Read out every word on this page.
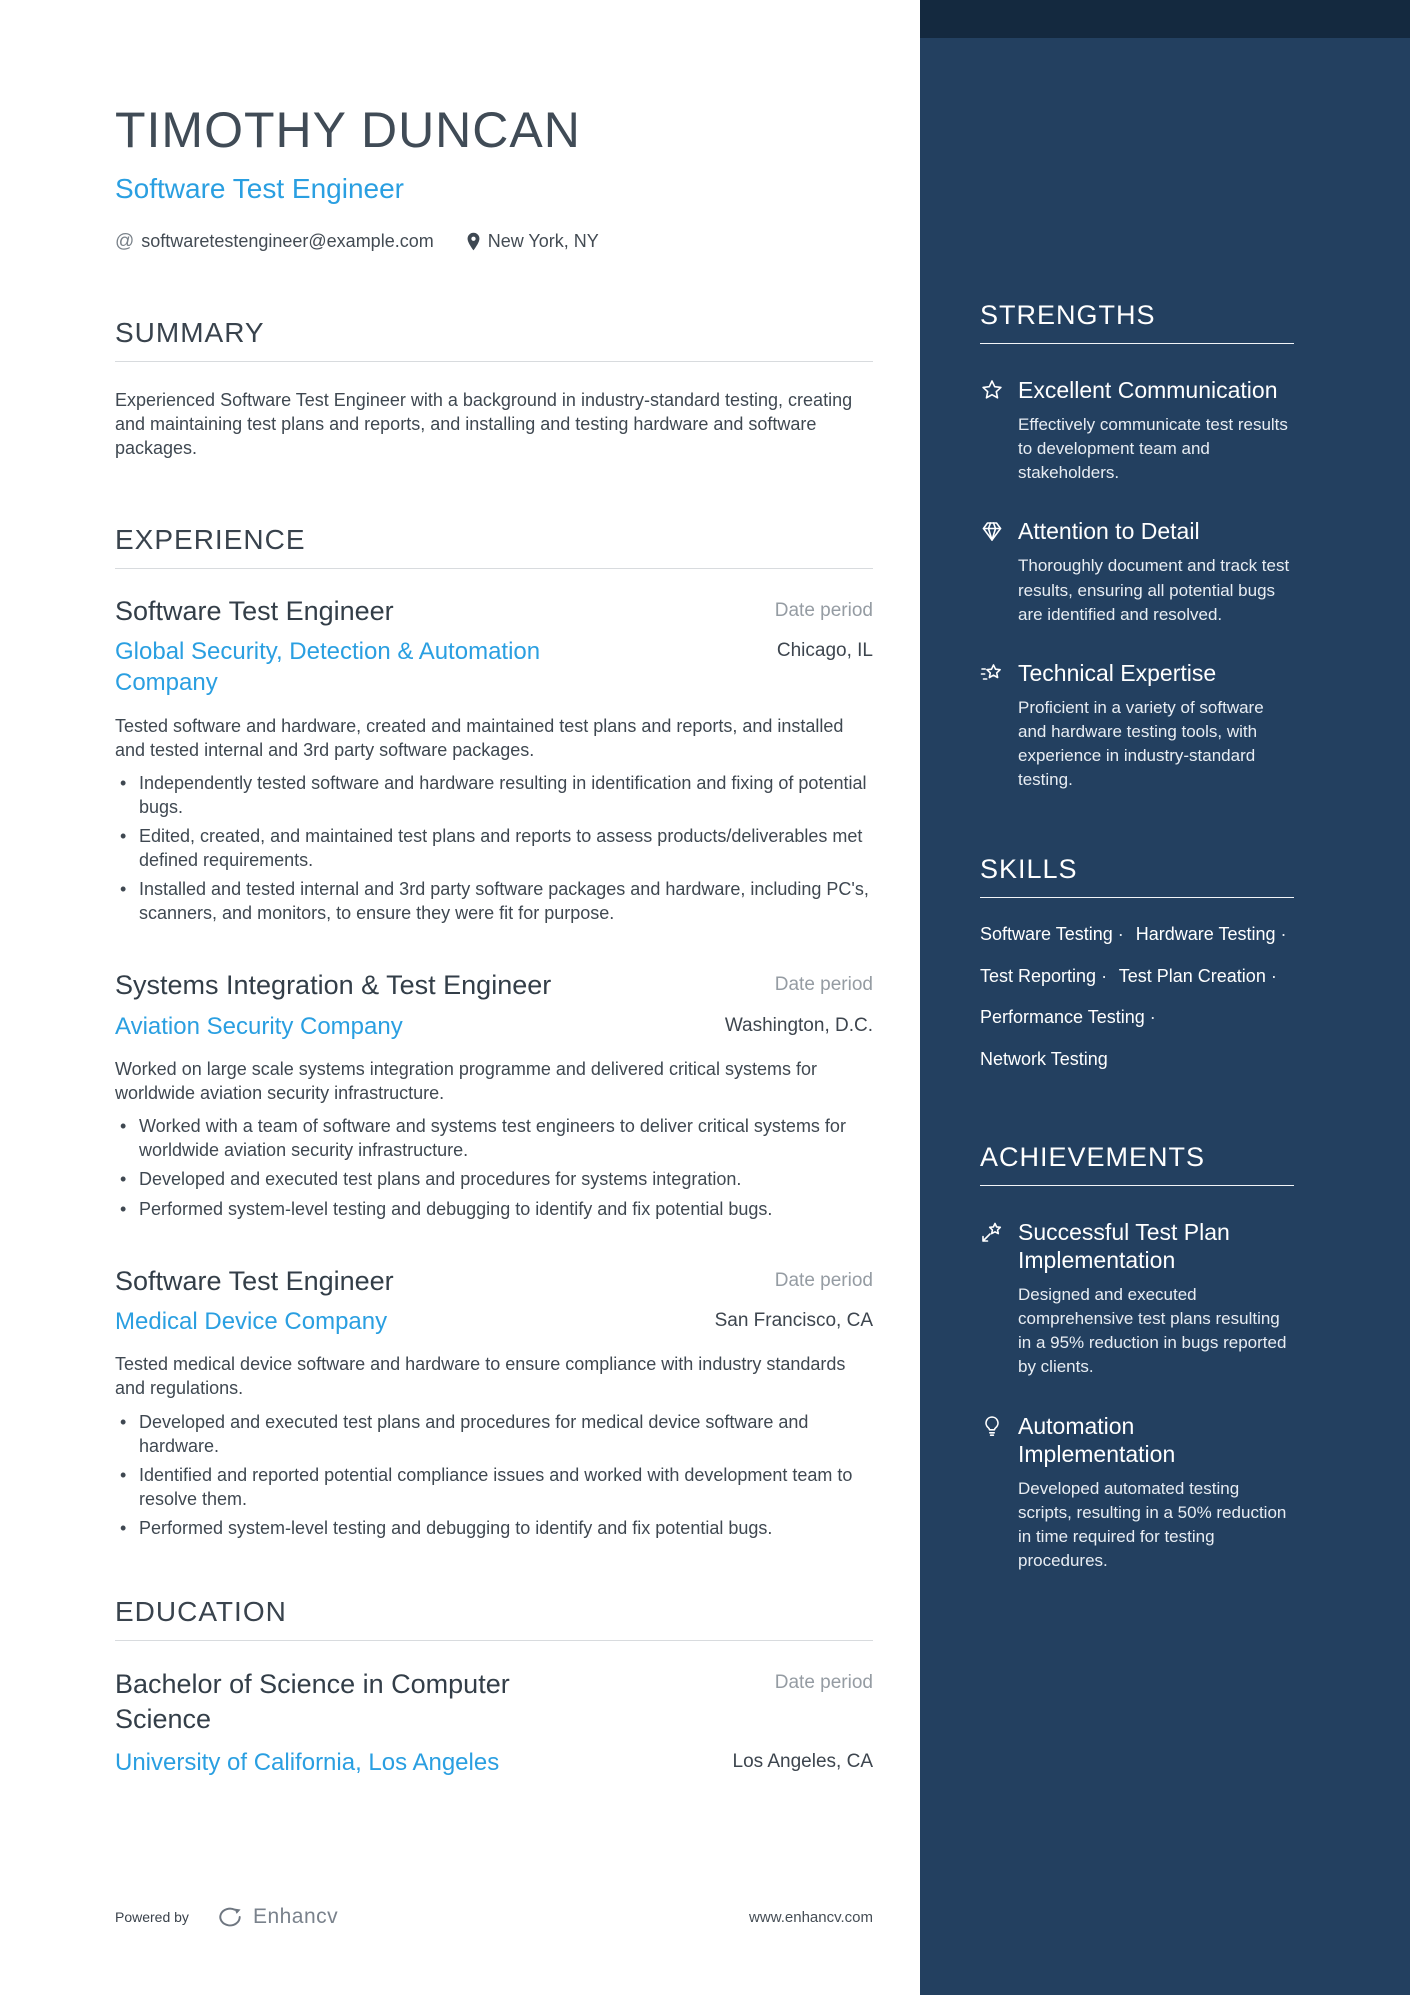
STRENGTHS
Excellent Communication

Effectively communicate test results to development team and stakeholders.

Attention to Detail

Thoroughly document and track test results, ensuring all potential bugs are identified and resolved.

Technical Expertise

Proficient in a variety of software and hardware testing tools, with experience in industry-standard testing.

SKILLS

Software Testing · Hardware Testing · Test Reporting · Test Plan Creation · Performance Testing · Network Testing

ACHIEVEMENTS
Successful Test Plan Implementation

Designed and executed comprehensive test plans resulting in a 95% reduction in bugs reported by clients.

Automation Implementation

Developed automated testing scripts, resulting in a 50% reduction in time required for testing procedures.

TIMOTHY DUNCAN
Software Test Engineer
@ softwaretestengineer@example.com	New York, NY
SUMMARY

Experienced Software Test Engineer with a background in industry-standard testing, creating and maintaining test plans and reports, and installing and testing hardware and software packages.

EXPERIENCE
Software Test Engineer	Date period
Global Security, Detection & Automation Company
Chicago, IL

Tested software and hardware, created and maintained test plans and reports, and installed and tested internal and 3rd party software packages.

• Independently tested software and hardware resulting in identification and fixing of potential bugs.
• Edited, created, and maintained test plans and reports to assess products/deliverables met defined requirements.
• Installed and tested internal and 3rd party software packages and hardware, including PC's, scanners, and monitors, to ensure they were fit for purpose.
Systems Integration & Test Engineer	Date period
Aviation Security Company	Washington, D.C.

Worked on large scale systems integration programme and delivered critical systems for worldwide aviation security infrastructure.

• Worked with a team of software and systems test engineers to deliver critical systems for worldwide aviation security infrastructure.
• Developed and executed test plans and procedures for systems integration.
• Performed system-level testing and debugging to identify and fix potential bugs.
Software Test Engineer	Date period
Medical Device Company	San Francisco, CA

Tested medical device software and hardware to ensure compliance with industry standards and regulations.

• Developed and executed test plans and procedures for medical device software and hardware.
• Identified and reported potential compliance issues and worked with development team to resolve them.
• Performed system-level testing and debugging to identify and fix potential bugs.
EDUCATION
Bachelor of Science in Computer Science
Date period
University of California, Los Angeles	Los Angeles, CA
Powered by	Enhancv	www.enhancv.com
